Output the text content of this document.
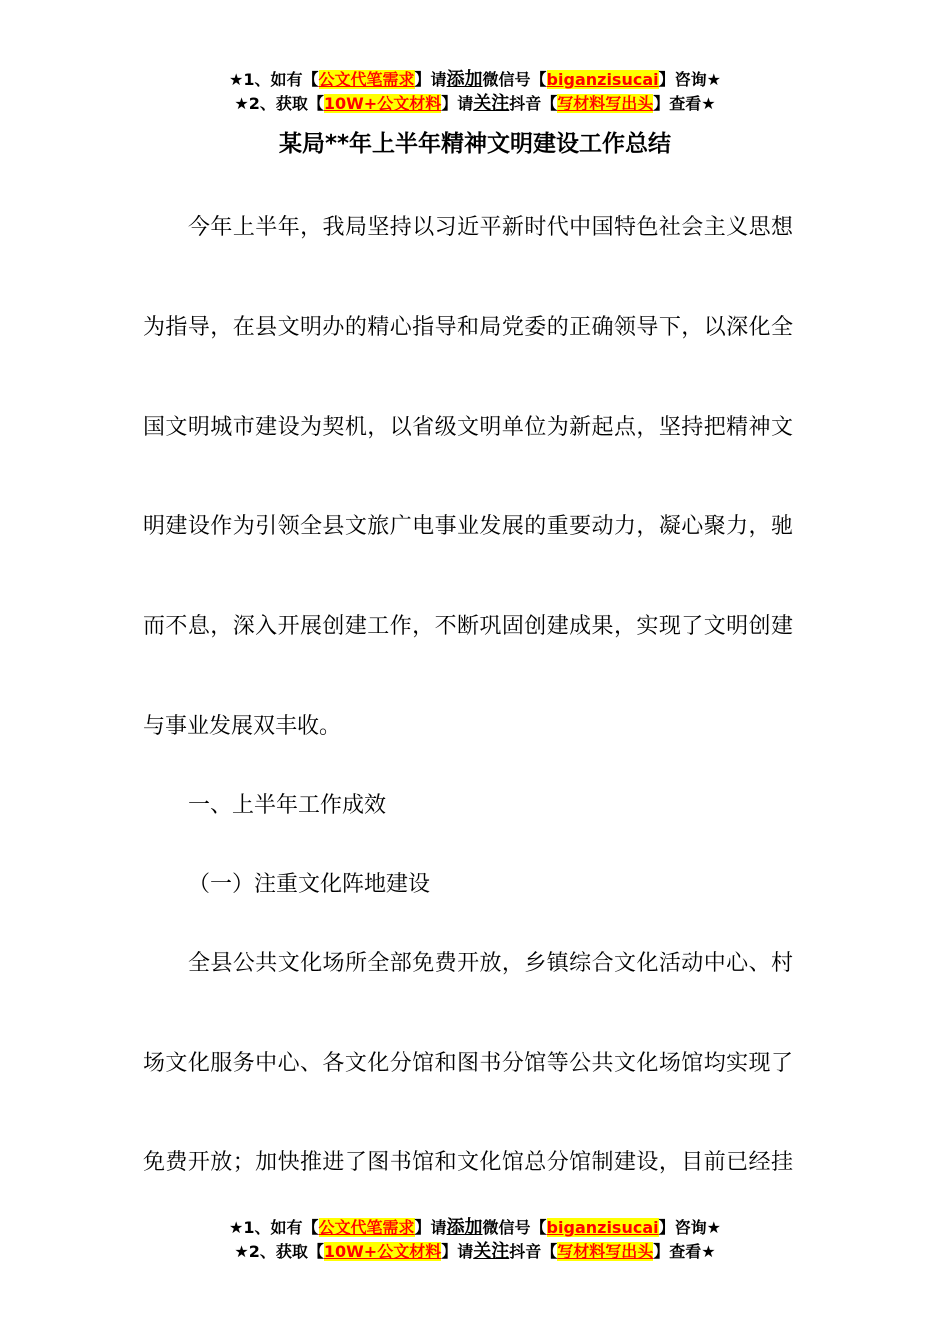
★1、如有【公文代笔需求】请添加微信号【biganzisucai】咨询★
★2、获取【10W+公文材料】请关注抖音【写材料写出头】查看★
某局**年上半年精神文明建设工作总结
今年上半年，我局坚持以习近平新时代中国特色社会主义思想
为指导，在县文明办的精心指导和局党委的正确领导下，以深化全
国文明城市建设为契机，以省级文明单位为新起点，坚持把精神文
明建设作为引领全县文旅广电事业发展的重要动力，凝心聚力，驰
而不息，深入开展创建工作，不断巩固创建成果，实现了文明创建
与事业发展双丰收。
一、上半年工作成效
（一）注重文化阵地建设
全县公共文化场所全部免费开放，乡镇综合文化活动中心、村
场文化服务中心、各文化分馆和图书分馆等公共文化场馆均实现了
免费开放；加快推进了图书馆和文化馆总分馆制建设，目前已经挂
★1、如有【公文代笔需求】请添加微信号【biganzisucai】咨询★
★2、获取【10W+公文材料】请关注抖音【写材料写出头】查看★
